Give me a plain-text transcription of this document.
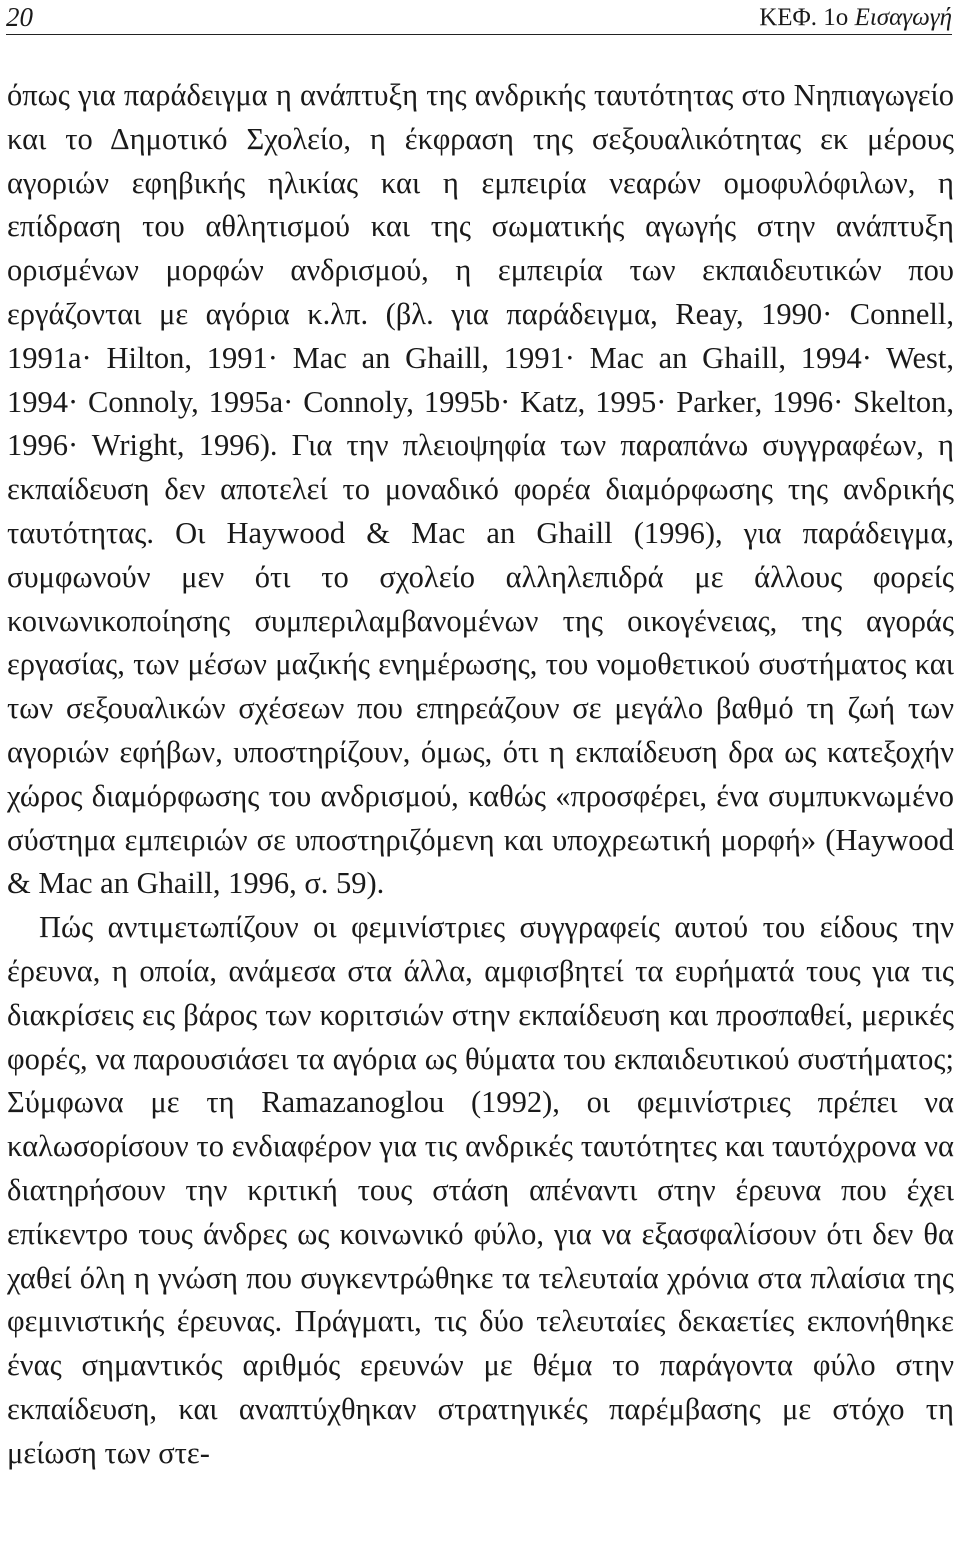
20	ΚΕΦ. 1ο Εισαγωγή

όπως για παράδειγμα η ανάπτυξη της ανδρικής ταυτότητας στο Νηπιαγωγείο και το Δημοτικό Σχολείο, η έκφραση της σεξουαλικότητας εκ μέρους αγοριών εφηβικής ηλικίας και η εμπειρία νεαρών ομοφυλόφιλων, η επίδραση του αθλητισμού και της σωματικής αγωγής στην ανάπτυξη ορισμένων μορφών ανδρισμού, η εμπειρία των εκπαιδευτικών που εργάζονται με αγόρια κ.λπ. (βλ. για παράδειγμα, Reay, 1990· Connell, 1991a· Hilton, 1991· Mac an Ghaill, 1991· Mac an Ghaill, 1994· West, 1994· Connoly, 1995a· Connoly, 1995b· Katz, 1995· Parker, 1996· Skelton, 1996· Wright, 1996). Για την πλειοψηφία των παραπάνω συγγραφέων, η εκπαίδευση δεν αποτελεί το μοναδικό φορέα διαμόρφωσης της ανδρικής ταυτότητας. Οι Haywood & Mac an Ghaill (1996), για παράδειγμα, συμφωνούν μεν ότι το σχολείο αλληλεπιδρά με άλλους φορείς κοινωνικοποίησης συμπεριλαμβανομένων της οικογένειας, της αγοράς εργασίας, των μέσων μαζικής ενημέρωσης, του νομοθετικού συστήματος και των σεξουαλικών σχέσεων που επηρεάζουν σε μεγάλο βαθμό τη ζωή των αγοριών εφήβων, υποστηρίζουν, όμως, ότι η εκπαίδευση δρα ως κατεξοχήν χώρος διαμόρφωσης του ανδρισμού, καθώς «προσφέρει, ένα συμπυκνωμένο σύστημα εμπειριών σε υποστηριζόμενη και υποχρεωτική μορφή» (Haywood & Mac an Ghaill, 1996, σ. 59).

Πώς αντιμετωπίζουν οι φεμινίστριες συγγραφείς αυτού του είδους την έρευνα, η οποία, ανάμεσα στα άλλα, αμφισβητεί τα ευρήματά τους για τις διακρίσεις εις βάρος των κοριτσιών στην εκπαίδευση και προσπαθεί, μερικές φορές, να παρουσιάσει τα αγόρια ως θύματα του εκπαιδευτικού συστήματος; Σύμφωνα με τη Ramazanoglou (1992), οι φεμινίστριες πρέπει να καλωσορίσουν το ενδιαφέρον για τις ανδρικές ταυτότητες και ταυτόχρονα να διατηρήσουν την κριτική τους στάση απέναντι στην έρευνα που έχει επίκεντρο τους άνδρες ως κοινωνικό φύλο, για να εξασφαλίσουν ότι δεν θα χαθεί όλη η γνώση που συγκεντρώθηκε τα τελευταία χρόνια στα πλαίσια της φεμινιστικής έρευνας. Πράγματι, τις δύο τελευταίες δεκαετίες εκπονήθηκε ένας σημαντικός αριθμός ερευνών με θέμα το παράγοντα φύλο στην εκπαίδευση, και αναπτύχθηκαν στρατηγικές παρέμβασης με στόχο τη μείωση των στε-
